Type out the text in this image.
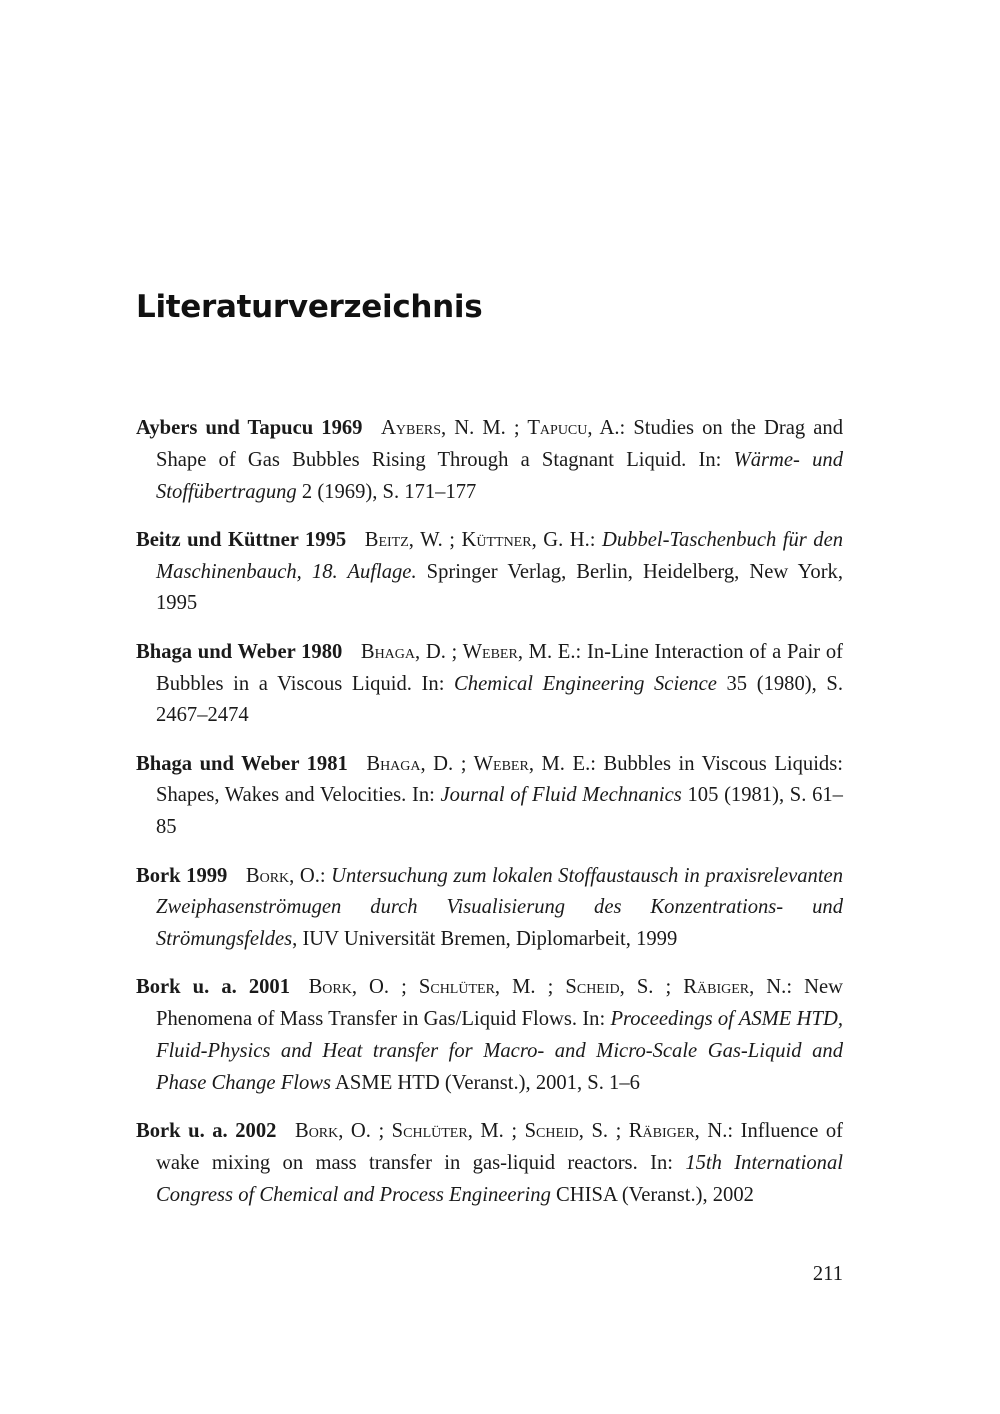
Literaturverzeichnis

Aybers und Tapucu 1969 Aybers, N. M. ; Tapucu, A.: Studies on the Drag and Shape of Gas Bubbles Rising Through a Stagnant Liquid. In: Wärme- und Stoffübertragung 2 (1969), S. 171–177

Beitz und Küttner 1995 Beitz, W. ; Küttner, G. H.: Dubbel-Taschenbuch für den Maschinenbauch, 18. Auflage. Springer Verlag, Berlin, Heidelberg, New York, 1995

Bhaga und Weber 1980 Bhaga, D. ; Weber, M. E.: In-Line Interaction of a Pair of Bubbles in a Viscous Liquid. In: Chemical Engineering Science 35 (1980), S. 2467–2474

Bhaga und Weber 1981 Bhaga, D. ; Weber, M. E.: Bubbles in Viscous Liquids: Shapes, Wakes and Velocities. In: Journal of Fluid Mechnanics 105 (1981), S. 61–85

Bork 1999 Bork, O.: Untersuchung zum lokalen Stoffaustausch in praxisrelevanten Zweiphasenströmugen durch Visualisierung des Konzentrations- und Strömungsfeldes, IUV Universität Bremen, Diplomarbeit, 1999

Bork u. a. 2001 Bork, O. ; Schlüter, M. ; Scheid, S. ; Räbiger, N.: New Phenomena of Mass Transfer in Gas/Liquid Flows. In: Proceedings of ASME HTD, Fluid-Physics and Heat transfer for Macro- and Micro-Scale Gas-Liquid and Phase Change Flows ASME HTD (Veranst.), 2001, S. 1–6

Bork u. a. 2002 Bork, O. ; Schlüter, M. ; Scheid, S. ; Räbiger, N.: Influence of wake mixing on mass transfer in gas-liquid reactors. In: 15th International Congress of Chemical and Process Engineering CHISA (Veranst.), 2002

211
